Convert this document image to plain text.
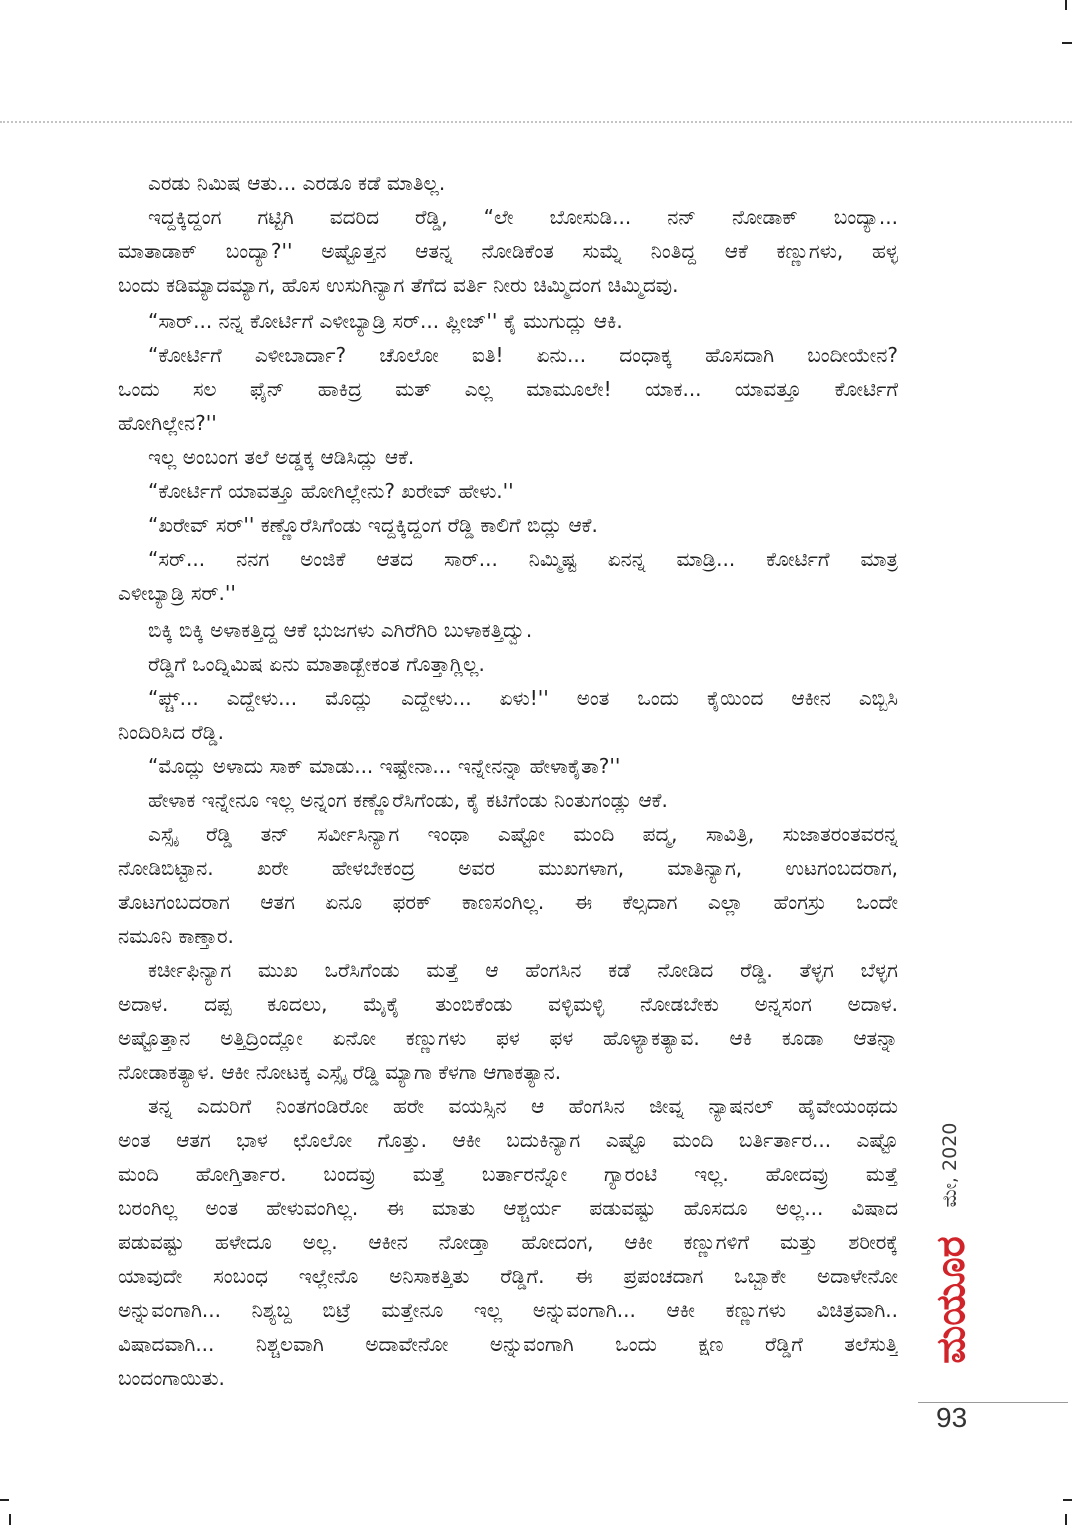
ಎರಡು ನಿಮಿಷ ಆತು... ಎರಡೂ ಕಡೆ ಮಾತಿಲ್ಲ.
ಇದ್ದಕ್ಕಿದ್ದಂಗ ಗಟ್ಟಿಗಿ ವದರಿದ ರೆಡ್ಡಿ, “ಲೇ ಬೋಸುಡಿ... ನನ್ ನೋಡಾಕ್ ಬಂದ್ಯಾ...
ಮಾತಾಡಾಕ್ ಬಂದ್ಯಾ?'' ಅಷ್ಟೊತ್ತನ ಆತನ್ನ ನೋಡಿಕೆಂತ ಸುಮ್ನೆ ನಿಂತಿದ್ದ ಆಕೆ ಕಣ್ಣುಗಳು, ಹಳ್ಳ
ಬಂದು ಕಡಿಮ್ಯಾದಮ್ಯಾಗ, ಹೊಸ ಉಸುಗಿನ್ಯಾಗ ತೆಗೆದ ವರ್ತಿ ನೀರು ಚಿಮ್ಮಿದಂಗ ಚಿಮ್ಮಿದವು.
“ಸಾರ್... ನನ್ನ ಕೋರ್ಟಿಗೆ ಎಳೀಬ್ಯಾಡ್ರಿ ಸರ್... ಪ್ಲೀಜ್'' ಕೈ ಮುಗುದ್ಲು ಆಕಿ.
“ಕೋರ್ಟಿಗೆ ಎಳೀಬಾರ್ದಾ? ಚೊಲೋ ಐತಿ! ಏನು... ದಂಧಾಕ್ಕ ಹೊಸದಾಗಿ ಬಂದೀಯೇನ?
ಒಂದು ಸಲ ಫೈನ್ ಹಾಕಿದ್ರ ಮತ್ ಎಲ್ಲ ಮಾಮೂಲೇ! ಯಾಕ... ಯಾವತ್ತೂ ಕೋರ್ಟಿಗೆ
ಹೋಗಿಲ್ಲೇನ?''
ಇಲ್ಲ ಅಂಬಂಗ ತಲೆ ಅಡ್ಡಕ್ಕ ಆಡಿಸಿದ್ಲು ಆಕೆ.
“ಕೋರ್ಟಿಗೆ ಯಾವತ್ತೂ ಹೋಗಿಲ್ಲೇನು? ಖರೇವ್ ಹೇಳು.''
“ಖರೇವ್ ಸರ್'' ಕಣ್ಣೊರೆಸಿಗೆಂಡು ಇದ್ದಕ್ಕಿದ್ದಂಗ ರೆಡ್ಡಿ ಕಾಲಿಗೆ ಬಿದ್ಲು ಆಕೆ.
“ಸರ್... ನನಗ ಅಂಜಿಕೆ ಆತದ ಸಾರ್... ನಿಮ್ಮಿಷ್ಟ ಏನನ್ನ ಮಾಡ್ರಿ... ಕೋರ್ಟಿಗೆ ಮಾತ್ರ
ಎಳೀಬ್ಯಾಡ್ರಿ ಸರ್.''
ಬಿಕ್ಕಿ ಬಿಕ್ಕಿ ಅಳಾಕತ್ತಿದ್ದ ಆಕೆ ಭುಜಗಳು ಎಗಿರೆಗಿರಿ ಬುಳಾಕತ್ತಿದ್ವು.
ರೆಡ್ಡಿಗೆ ಒಂದ್ನಿಮಿಷ ಏನು ಮಾತಾಡ್ಬೇಕಂತ ಗೊತ್ತಾಗ್ಲಿಲ್ಲ.
“ಪ್ಚ್... ಎದ್ದೇಳು... ಮೊದ್ಲು ಎದ್ದೇಳು... ಏಳು!'' ಅಂತ ಒಂದು ಕೈಯಿಂದ ಆಕೀನ ಎಬ್ಬಿಸಿ
ನಿಂದಿರಿಸಿದ ರೆಡ್ಡಿ.
“ಮೊದ್ಲು ಅಳಾದು ಸಾಕ್ ಮಾಡು... ಇಷ್ಟೇನಾ... ಇನ್ನೇನನ್ನಾ ಹೇಳಾಕೈತಾ?''
ಹೇಳಾಕ ಇನ್ನೇನೂ ಇಲ್ಲ ಅನ್ನಂಗ ಕಣ್ಣೊರೆಸಿಗೆಂಡು, ಕೈ ಕಟಿಗೆಂಡು ನಿಂತುಗಂಡ್ಲು ಆಕೆ.
ಎಸ್ಸೈ ರೆಡ್ಡಿ ತನ್ ಸರ್ವೀಸಿನ್ಯಾಗ ಇಂಥಾ ಎಷ್ಟೋ ಮಂದಿ ಪದ್ಮ, ಸಾವಿತ್ರಿ, ಸುಜಾತರಂತವರನ್ನ
ನೋಡಿಬಿಟ್ಟಾನ. ಖರೇ ಹೇಳಬೇಕಂದ್ರ ಅವರ ಮುಖಗಳಾಗ, ಮಾತಿನ್ಯಾಗ, ಉಟಗಂಬದರಾಗ,
ತೊಟಗಂಬದರಾಗ ಆತಗ ಏನೂ ಫರಕ್ ಕಾಣಸಂಗಿಲ್ಲ. ಈ ಕೆಲ್ಸದಾಗ ಎಲ್ಲಾ ಹೆಂಗಸ್ರು ಒಂದೇ
ನಮೂನಿ ಕಾಣ್ತಾರ.
ಕರ್ಚೀಫಿನ್ಯಾಗ ಮುಖ ಒರೆಸಿಗೆಂಡು ಮತ್ತೆ ಆ ಹೆಂಗಸಿನ ಕಡೆ ನೋಡಿದ ರೆಡ್ಡಿ. ತೆಳ್ಳಗ ಬೆಳ್ಳಗ
ಅದಾಳ. ದಪ್ಪ ಕೂದಲು, ಮೈಕೈ ತುಂಬಿಕೆಂಡು ವಳ್ಳಿಮಳ್ಳಿ ನೋಡಬೇಕು ಅನ್ನಸಂಗ ಅದಾಳ.
ಅಷ್ಟೊತ್ತಾನ ಅತ್ತಿದ್ರಿಂದ್ಲೋ ಏನೋ ಕಣ್ಣುಗಳು ಫಳ ಫಳ ಹೊಳ್ಯಾಕತ್ಯಾವ. ಆಕಿ ಕೂಡಾ ಆತನ್ನಾ
ನೋಡಾಕತ್ಯಾಳ. ಆಕೀ ನೋಟಕ್ಕ ಎಸ್ಸೈ ರೆಡ್ಡಿ ಮ್ಯಾಗಾ ಕೆಳಗಾ ಆಗಾಕತ್ಯಾನ.
ತನ್ನ ಎದುರಿಗೆ ನಿಂತಗಂಡಿರೋ ಹರೇ ವಯಸ್ಸಿನ ಆ ಹೆಂಗಸಿನ ಜೀವ್ನ ನ್ಯಾಷನಲ್ ಹೈವೇಯಂಥದು
ಅಂತ ಆತಗ ಭಾಳ ಛೊಲೋ ಗೊತ್ತು. ಆಕೀ ಬದುಕಿನ್ಯಾಗ ಎಷ್ಟೊ ಮಂದಿ ಬರ್ತಿರ್ತಾರ... ಎಷ್ಟೊ
ಮಂದಿ ಹೋಗ್ತಿರ್ತಾರ. ಬಂದವ್ರು ಮತ್ತೆ ಬರ್ತಾರನ್ನೋ ಗ್ಯಾರಂಟಿ ಇಲ್ಲ. ಹೋದವ್ರು ಮತ್ತೆ
ಬರಂಗಿಲ್ಲ ಅಂತ ಹೇಳುವಂಗಿಲ್ಲ. ಈ ಮಾತು ಆಶ್ಚರ್ಯ ಪಡುವಷ್ಟು ಹೊಸದೂ ಅಲ್ಲ... ವಿಷಾದ
ಪಡುವಷ್ಟು ಹಳೇದೂ ಅಲ್ಲ. ಆಕೀನ ನೋಡ್ತಾ ಹೋದಂಗ, ಆಕೀ ಕಣ್ಣುಗಳಿಗೆ ಮತ್ತು ಶರೀರಕ್ಕೆ
ಯಾವುದೇ ಸಂಬಂಧ ಇಲ್ಲೇನೊ ಅನಿಸಾಕತ್ತಿತು ರೆಡ್ಡಿಗೆ. ಈ ಪ್ರಪಂಚದಾಗ ಒಬ್ಬಾಕೇ ಅದಾಳೇನೋ
ಅನ್ನುವಂಗಾಗಿ... ನಿಶ್ಯಬ್ದ ಬಿಟ್ರೆ ಮತ್ತೇನೂ ಇಲ್ಲ ಅನ್ನುವಂಗಾಗಿ... ಆಕೀ ಕಣ್ಣುಗಳು ವಿಚಿತ್ರವಾಗಿ..
ವಿಷಾದವಾಗಿ... ನಿಶ್ಚಲವಾಗಿ ಅದಾವೇನೋ ಅನ್ನುವಂಗಾಗಿ ಒಂದು ಕ್ಷಣ ರೆಡ್ಡಿಗೆ ತಲೆಸುತ್ತಿ
ಬಂದಂಗಾಯಿತು.
ಮೇ, 2020
ಮಯೂರ
93
